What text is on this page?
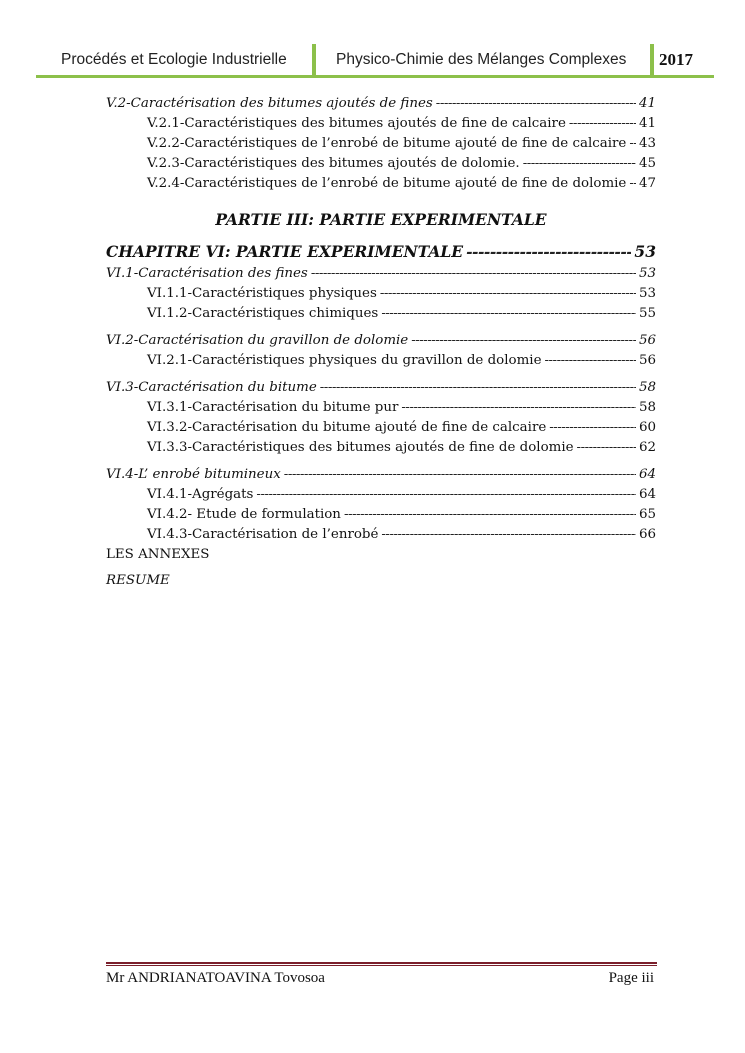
Procédés et Ecologie Industrielle	Physico-Chimie des Mélanges Complexes 2017
V.2-Caractérisation des bitumes ajoutés de fines -----	41
V.2.1-Caractéristiques des bitumes ajoutés de fine de calcaire -----	41
V.2.2-Caractéristiques de l’enrobé de bitume ajouté de fine de calcaire ----- 43
V.2.3-Caractéristiques des bitumes ajoutés de dolomie. -----	45
V.2.4-Caractéristiques de l’enrobé de bitume ajouté de fine de dolomie ----- 47
PARTIE III: PARTIE EXPERIMENTALE
CHAPITRE VI: PARTIE EXPERIMENTALE -----	53
VI.1-Caractérisation des fines -----	53
VI.1.1-Caractéristiques physiques -----	53
VI.1.2-Caractéristiques chimiques -----	55
VI.2-Caractérisation du gravillon de dolomie -----	56
VI.2.1-Caractéristiques physiques du gravillon de dolomie -----	56
VI.3-Caractérisation du bitume -----	58
VI.3.1-Caractérisation du bitume pur -----	58
VI.3.2-Caractérisation du bitume ajouté de fine de calcaire -----	60
VI.3.3-Caractéristiques des bitumes ajoutés de fine de dolomie -----	62
VI.4-L’ enrobé bitumineux -----	64
VI.4.1-Agrégats -----	64
VI.4.2- Etude de formulation -----	65
VI.4.3-Caractérisation de l’enrobé -----	66
LES ANNEXES
RESUME
Mr ANDRIANATOAVINA Tovosoa	Page iii
